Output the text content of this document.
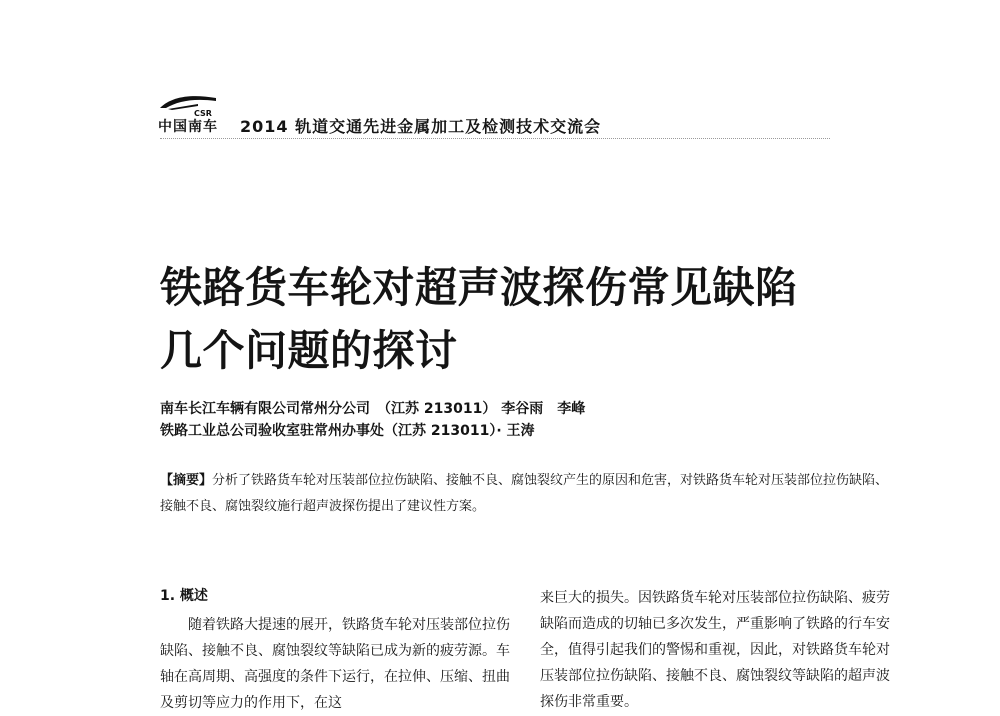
CSR
中国南车 2014 轨道交通先进金属加工及检测技术交流会
铁路货车轮对超声波探伤常见缺陷
几个问题的探讨
南车长江车辆有限公司常州分公司　（江苏 213011） 李谷雨　李峰
铁路工业总公司验收室驻常州办事处（江苏 213011）· 王涛
【摘要】分析了铁路货车轮对压装部位拉伤缺陷、接触不良、腐蚀裂纹产生的原因和危害，对铁路货车轮对压装部位拉伤缺陷、接触不良、腐蚀裂纹施行超声波探伤提出了建议性方案。
1. 概述
随着铁路大提速的展开，铁路货车轮对压装部位拉伤缺陷、接触不良、腐蚀裂纹等缺陷已成为新的疲劳源。车轴在高周期、高强度的条件下运行，在拉伸、压缩、扭曲及剪切等应力的作用下，在这
来巨大的损失。因铁路货车轮对压装部位拉伤缺陷、疲劳缺陷而造成的切轴已多次发生，严重影响了铁路的行车安全，值得引起我们的警惕和重视，因此，对铁路货车轮对压装部位拉伤缺陷、接触不良、腐蚀裂纹等缺陷的超声波探伤非常重要。
